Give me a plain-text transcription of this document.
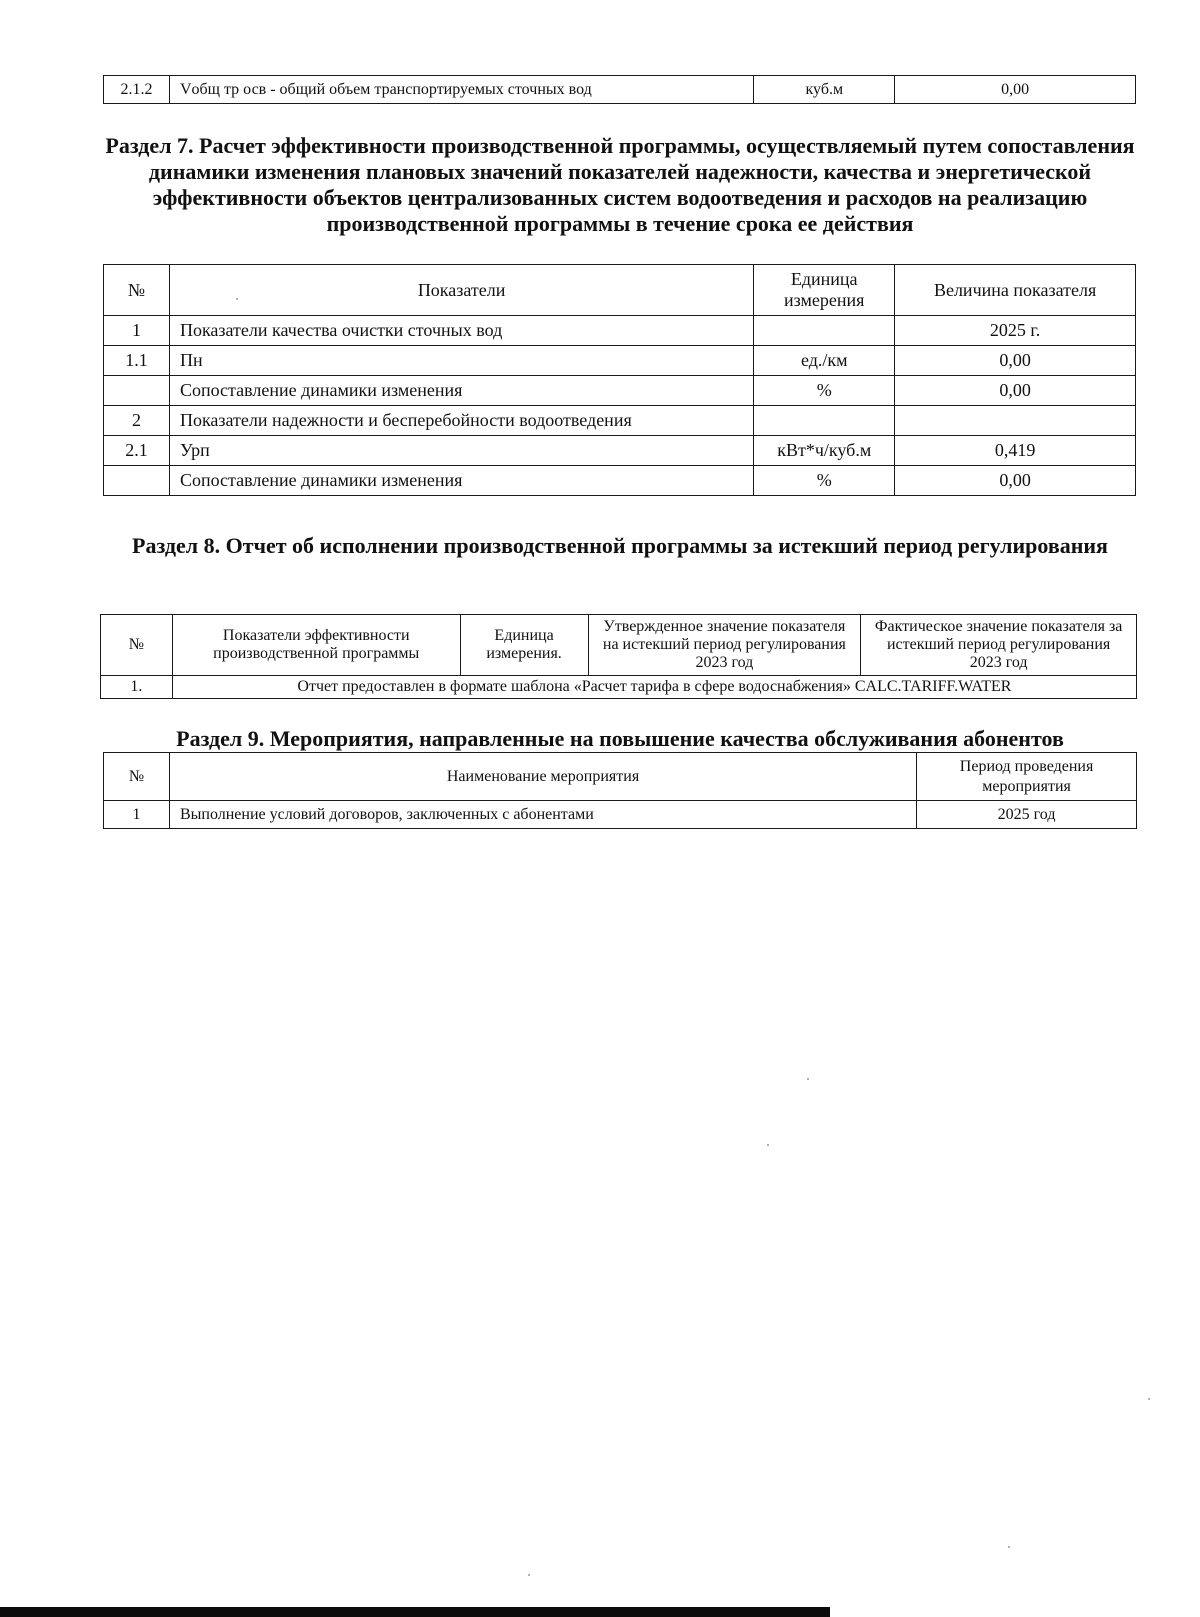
2.1.2	Vобщ тр осв - общий объем транспортируемых сточных вод	куб.м	0,00
Раздел 7. Расчет эффективности производственной программы, осуществляемый путем сопоставления динамики изменения плановых значений показателей надежности, качества и энергетической эффективности объектов централизованных систем водоотведения и расходов на реализацию производственной программы в течение срока ее действия
№	Показатели	Единица измерения	Величина показателя
1	Показатели качества очистки сточных вод		2025 г.
1.1	Пн	ед./км	0,00
	Сопоставление динамики изменения	%	0,00
2	Показатели надежности и бесперебойности водоотведения		
2.1	Урп	кВт*ч/куб.м	0,419
	Сопоставление динамики изменения	%	0,00
Раздел 8. Отчет об исполнении производственной программы за истекший период регулирования
№	Показатели эффективности производственной программы	Единица измерения.	Утвержденное значение показателя на истекший период регулирования 2023 год	Фактическое значение показателя за истекший период регулирования 2023 год
1.	Отчет предоставлен в формате шаблона «Расчет тарифа в сфере водоснабжения» CALC.TARIFF.WATER			
Раздел 9. Мероприятия, направленные на повышение качества обслуживания абонентов
№	Наименование мероприятия	Период проведения мероприятия
1	Выполнение условий договоров, заключенных с абонентами	2025 год
